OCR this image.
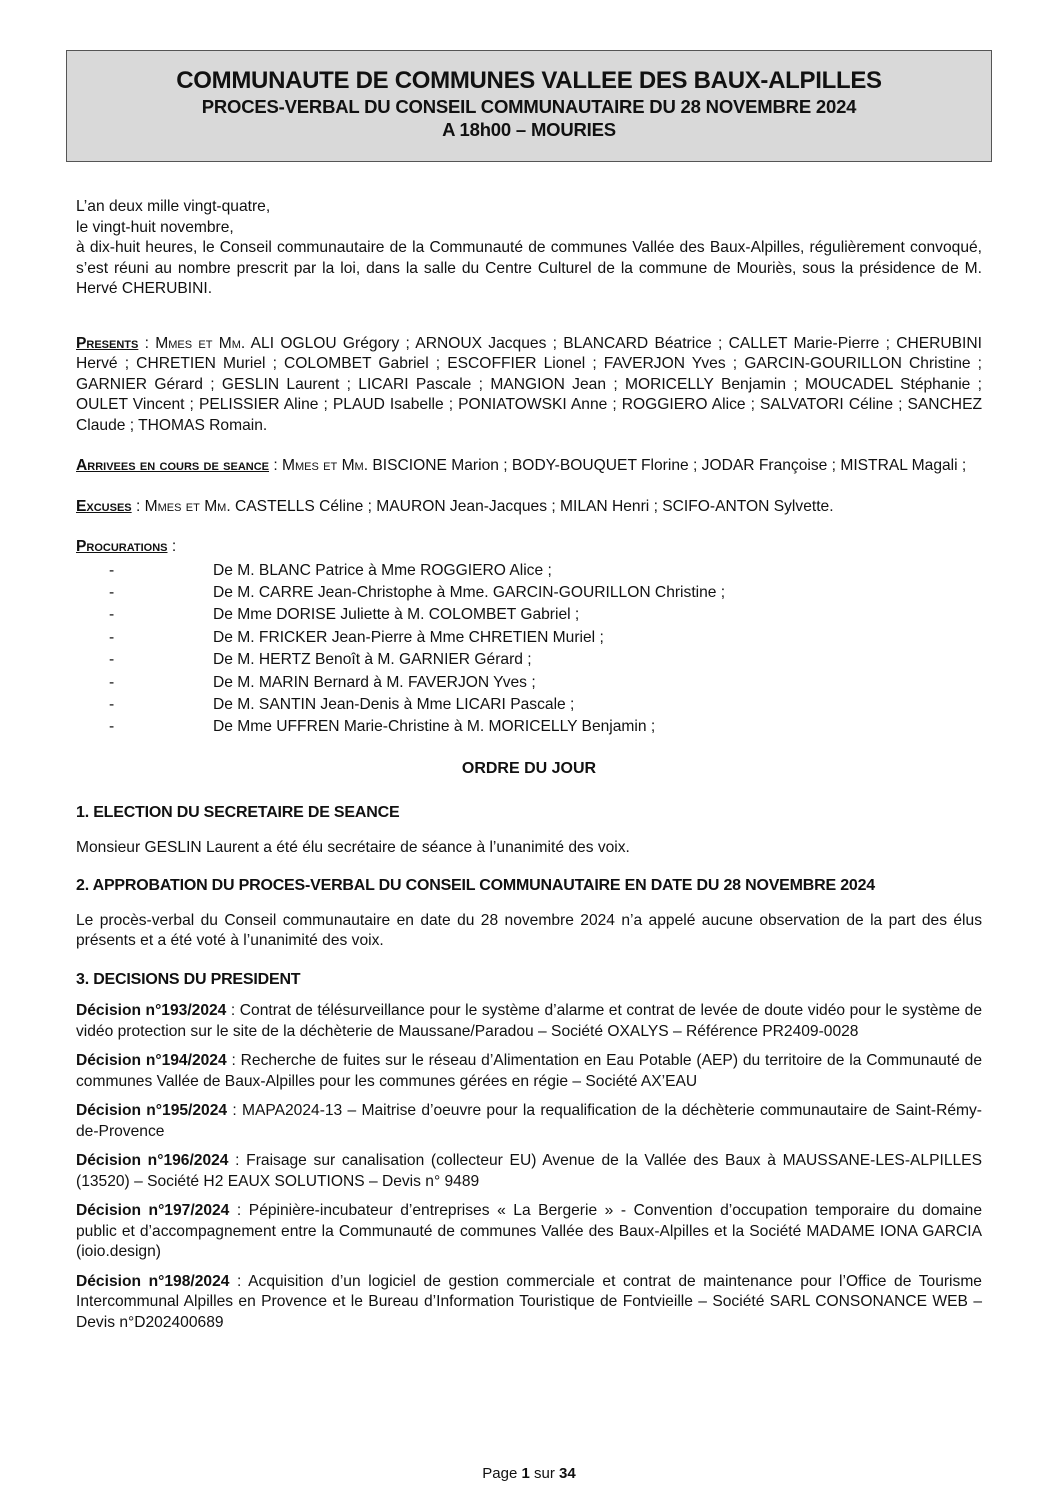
COMMUNAUTE DE COMMUNES VALLEE DES BAUX-ALPILLES
PROCES-VERBAL DU CONSEIL COMMUNAUTAIRE DU 28 NOVEMBRE 2024
A 18h00 – MOURIES

L’an deux mille vingt-quatre,

le vingt-huit novembre,

à dix-huit heures, le Conseil communautaire de la Communauté de communes Vallée des Baux-Alpilles, régulièrement convoqué, s’est réuni au nombre prescrit par la loi, dans la salle du Centre Culturel de la commune de Mouriès, sous la présidence de M. Hervé CHERUBINI.

Presents : Mmes et Mm. ALI OGLOU Grégory ; ARNOUX Jacques ; BLANCARD Béatrice ; CALLET Marie-Pierre ; CHERUBINI Hervé ; CHRETIEN Muriel ; COLOMBET Gabriel ; ESCOFFIER Lionel ; FAVERJON Yves ; GARCIN-GOURILLON Christine ; GARNIER Gérard ; GESLIN Laurent ; LICARI Pascale ; MANGION Jean ; MORICELLY Benjamin ; MOUCADEL Stéphanie ; OULET Vincent ; PELISSIER Aline ; PLAUD Isabelle ; PONIATOWSKI Anne ; ROGGIERO Alice ; SALVATORI Céline ; SANCHEZ Claude ; THOMAS Romain.

Arrivees en cours de seance : Mmes et Mm. BISCIONE Marion ; BODY-BOUQUET Florine ; JODAR Françoise ; MISTRAL Magali ;

Excuses : Mmes et Mm. CASTELLS Céline ; MAURON Jean-Jacques ; MILAN Henri ; SCIFO-ANTON Sylvette.

Procurations :

-	De M. BLANC Patrice à Mme ROGGIERO Alice ;
-	De M. CARRE Jean-Christophe à Mme. GARCIN-GOURILLON Christine ;
-	De Mme DORISE Juliette à M. COLOMBET Gabriel ;
-	De M. FRICKER Jean-Pierre à Mme CHRETIEN Muriel ;
-	De M. HERTZ Benoît à M. GARNIER Gérard ;
-	De M. MARIN Bernard à M. FAVERJON Yves ;
-	De M. SANTIN Jean-Denis à Mme LICARI Pascale ;
-	De Mme UFFREN Marie-Christine à M. MORICELLY Benjamin ;

ORDRE DU JOUR

1. ELECTION DU SECRETAIRE DE SEANCE

Monsieur GESLIN Laurent a été élu secrétaire de séance à l’unanimité des voix.

2. APPROBATION DU PROCES-VERBAL DU CONSEIL COMMUNAUTAIRE EN DATE DU 28 NOVEMBRE 2024

Le procès-verbal du Conseil communautaire en date du 28 novembre 2024 n’a appelé aucune observation de la part des élus présents et a été voté à l’unanimité des voix.

3. DECISIONS DU PRESIDENT

Décision n°193/2024 : Contrat de télésurveillance pour le système d’alarme et contrat de levée de doute vidéo pour le système de vidéo protection sur le site de la déchèterie de Maussane/Paradou – Société OXALYS – Référence PR2409-0028

Décision n°194/2024 : Recherche de fuites sur le réseau d’Alimentation en Eau Potable (AEP) du territoire de la Communauté de communes Vallée de Baux-Alpilles pour les communes gérées en régie – Société AX’EAU

Décision n°195/2024 : MAPA2024-13 – Maitrise d’oeuvre pour la requalification de la déchèterie communautaire de Saint-Rémy-de-Provence

Décision n°196/2024 : Fraisage sur canalisation (collecteur EU) Avenue de la Vallée des Baux à MAUSSANE-LES-ALPILLES (13520) – Société H2 EAUX SOLUTIONS – Devis n° 9489

Décision n°197/2024 : Pépinière-incubateur d’entreprises « La Bergerie » - Convention d’occupation temporaire du domaine public et d’accompagnement entre la Communauté de communes Vallée des Baux-Alpilles et la Société MADAME IONA GARCIA (ioio.design)

Décision n°198/2024 : Acquisition d’un logiciel de gestion commerciale et contrat de maintenance pour l’Office de Tourisme Intercommunal Alpilles en Provence et le Bureau d’Information Touristique de Fontvieille – Société SARL CONSONANCE WEB – Devis n°D202400689

Page 1 sur 34
